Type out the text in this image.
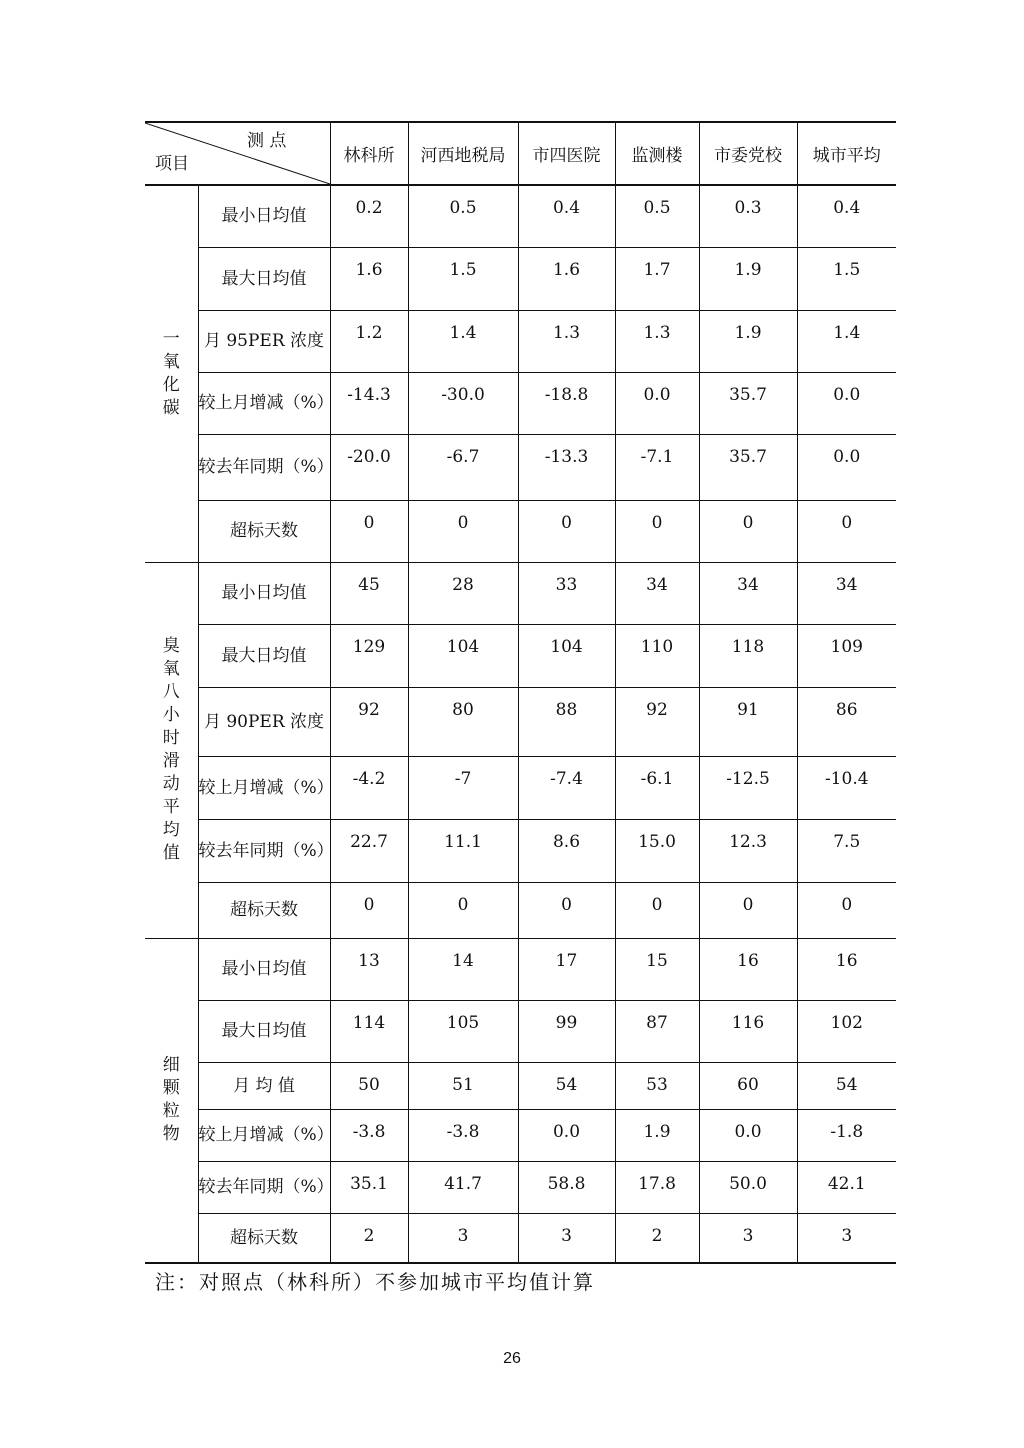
测 点
项目		林科所	河西地税局	市四医院	监测楼	市委党校	城市平均

一氧化碳	最小日均值	0.2	0.5	0.4	0.5	0.3	0.4
	最大日均值	1.6	1.5	1.6	1.7	1.9	1.5
	月 95PER 浓度	1.2	1.4	1.3	1.3	1.9	1.4
	较上月增减（%）	-14.3	-30.0	-18.8	0.0	35.7	0.0
	较去年同期（%）	-20.0	-6.7	-13.3	-7.1	35.7	0.0
	超标天数	0	0	0	0	0	0

臭氧八小时滑动平均值	最小日均值	45	28	33	34	34	34
	最大日均值	129	104	104	110	118	109
	月 90PER 浓度	92	80	88	92	91	86
	较上月增减（%）	-4.2	-7	-7.4	-6.1	-12.5	-10.4
	较去年同期（%）	22.7	11.1	8.6	15.0	12.3	7.5
	超标天数	0	0	0	0	0	0

细颗粒物	最小日均值	13	14	17	15	16	16
	最大日均值	114	105	99	87	116	102
	月 均 值	50	51	54	53	60	54
	较上月增减（%）	-3.8	-3.8	0.0	1.9	0.0	-1.8
	较去年同期（%）	35.1	41.7	58.8	17.8	50.0	42.1
	超标天数	2	3	3	2	3	3
注：对照点（林科所）不参加城市平均值计算
26
